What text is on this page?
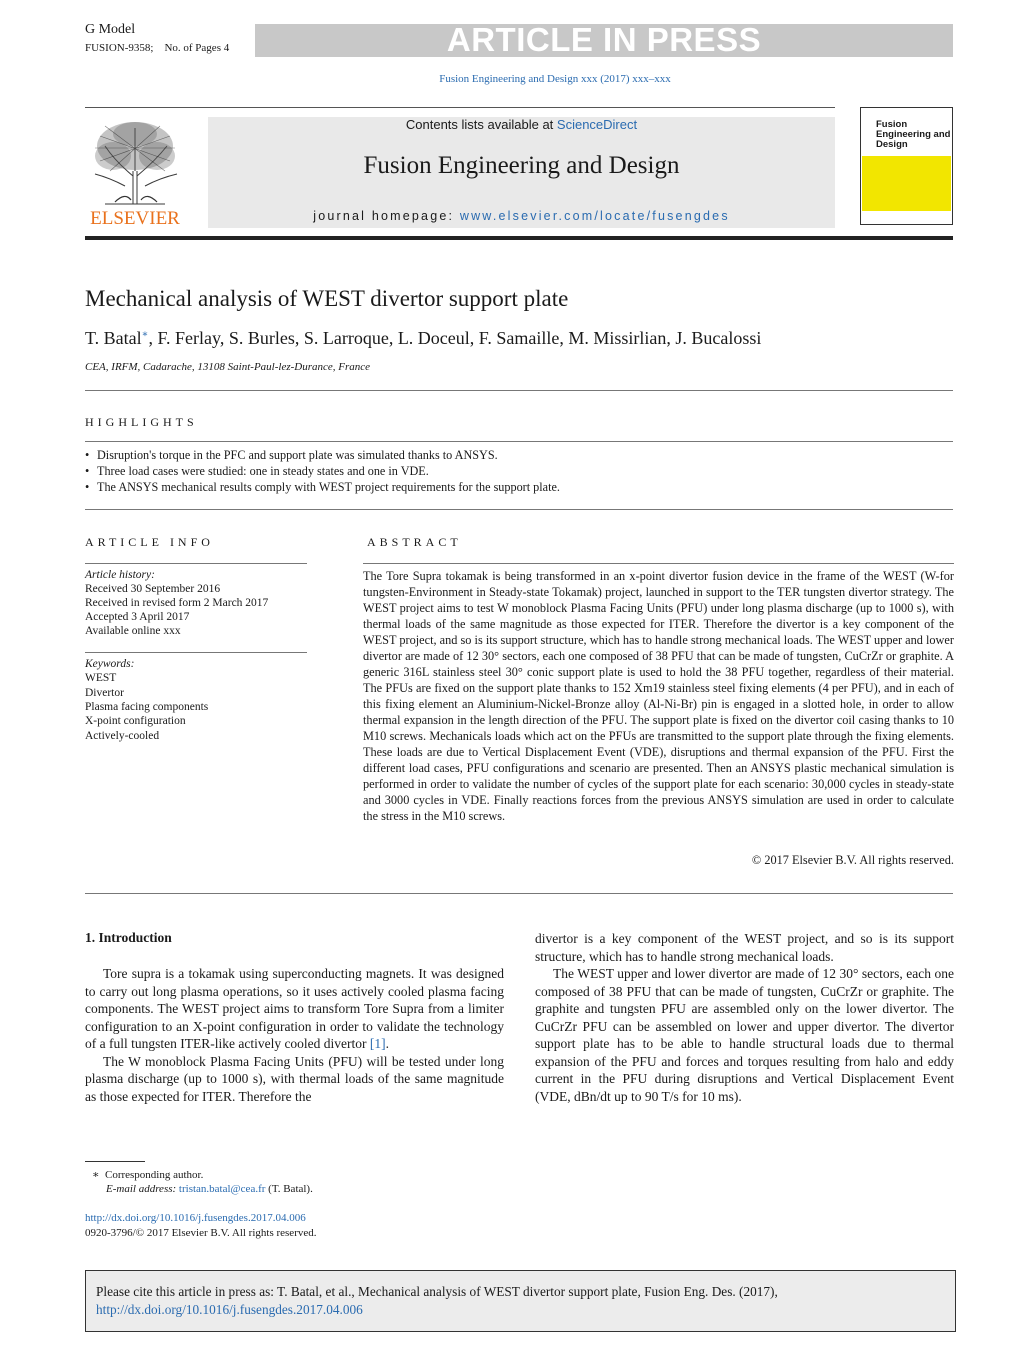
G Model
FUSION-9358; No. of Pages 4	ARTICLE IN PRESS
Fusion Engineering and Design xxx (2017) xxx–xxx
ELSEVIER
Contents lists available at ScienceDirect
Fusion Engineering and Design
journal homepage: www.elsevier.com/locate/fusengdes
Fusion Engineering and Design
Mechanical analysis of WEST divertor support plate
T. Batal∗, F. Ferlay, S. Burles, S. Larroque, L. Doceul, F. Samaille, M. Missirlian, J. Bucalossi
CEA, IRFM, Cadarache, 13108 Saint-Paul-lez-Durance, France
HIGHLIGHTS
• Disruption's torque in the PFC and support plate was simulated thanks to ANSYS.
• Three load cases were studied: one in steady states and one in VDE.
• The ANSYS mechanical results comply with WEST project requirements for the support plate.
ARTICLE INFO
Article history:
Received 30 September 2016
Received in revised form 2 March 2017
Accepted 3 April 2017
Available online xxx
Keywords:
WEST
Divertor
Plasma facing components
X-point configuration
Actively-cooled
ABSTRACT
The Tore Supra tokamak is being transformed in an x-point divertor fusion device in the frame of the WEST (W-for tungsten-Environment in Steady-state Tokamak) project, launched in support to the TER tungsten divertor strategy. The WEST project aims to test W monoblock Plasma Facing Units (PFU) under long plasma discharge (up to 1000 s), with thermal loads of the same magnitude as those expected for ITER. Therefore the divertor is a key component of the WEST project, and so is its support structure, which has to handle strong mechanical loads. The WEST upper and lower divertor are made of 12 30° sectors, each one composed of 38 PFU that can be made of tungsten, CuCrZr or graphite. A generic 316L stainless steel 30° conic support plate is used to hold the 38 PFU together, regardless of their material. The PFUs are fixed on the support plate thanks to 152 Xm19 stainless steel fixing elements (4 per PFU), and in each of this fixing element an Aluminium-Nickel-Bronze alloy (Al-Ni-Br) pin is engaged in a slotted hole, in order to allow thermal expansion in the length direction of the PFU. The support plate is fixed on the divertor coil casing thanks to 10 M10 screws. Mechanicals loads which act on the PFUs are transmitted to the support plate through the fixing elements. These loads are due to Vertical Displacement Event (VDE), disruptions and thermal expansion of the PFU. First the different load cases, PFU configurations and scenario are presented. Then an ANSYS plastic mechanical simulation is performed in order to validate the number of cycles of the support plate for each scenario: 30,000 cycles in steady-state and 3000 cycles in VDE. Finally reactions forces from the previous ANSYS simulation are used in order to calculate the stress in the M10 screws.
© 2017 Elsevier B.V. All rights reserved.
1. Introduction

Tore supra is a tokamak using superconducting magnets. It was designed to carry out long plasma operations, so it uses actively cooled plasma facing components. The WEST project aims to transform Tore Supra from a limiter configuration to an X-point configuration in order to validate the technology of a full tungsten ITER-like actively cooled divertor [1].

The W monoblock Plasma Facing Units (PFU) will be tested under long plasma discharge (up to 1000 s), with thermal loads of the same magnitude as those expected for ITER. Therefore the

divertor is a key component of the WEST project, and so is its support structure, which has to handle strong mechanical loads.

The WEST upper and lower divertor are made of 12 30° sectors, each one composed of 38 PFU that can be made of tungsten, CuCrZr or graphite. The graphite and tungsten PFU are assembled only on the lower divertor. The CuCrZr PFU can be assembled on lower and upper divertor. The divertor support plate has to be able to handle structural loads due to thermal expansion of the PFU and forces and torques resulting from halo and eddy current in the PFU during disruptions and Vertical Displacement Event (VDE, dBn/dt up to 90 T/s for 10 ms).

∗ Corresponding author.
E-mail address: tristan.batal@cea.fr (T. Batal).
http://dx.doi.org/10.1016/j.fusengdes.2017.04.006
0920-3796/© 2017 Elsevier B.V. All rights reserved.
Please cite this article in press as: T. Batal, et al., Mechanical analysis of WEST divertor support plate, Fusion Eng. Des. (2017),
http://dx.doi.org/10.1016/j.fusengdes.2017.04.006
